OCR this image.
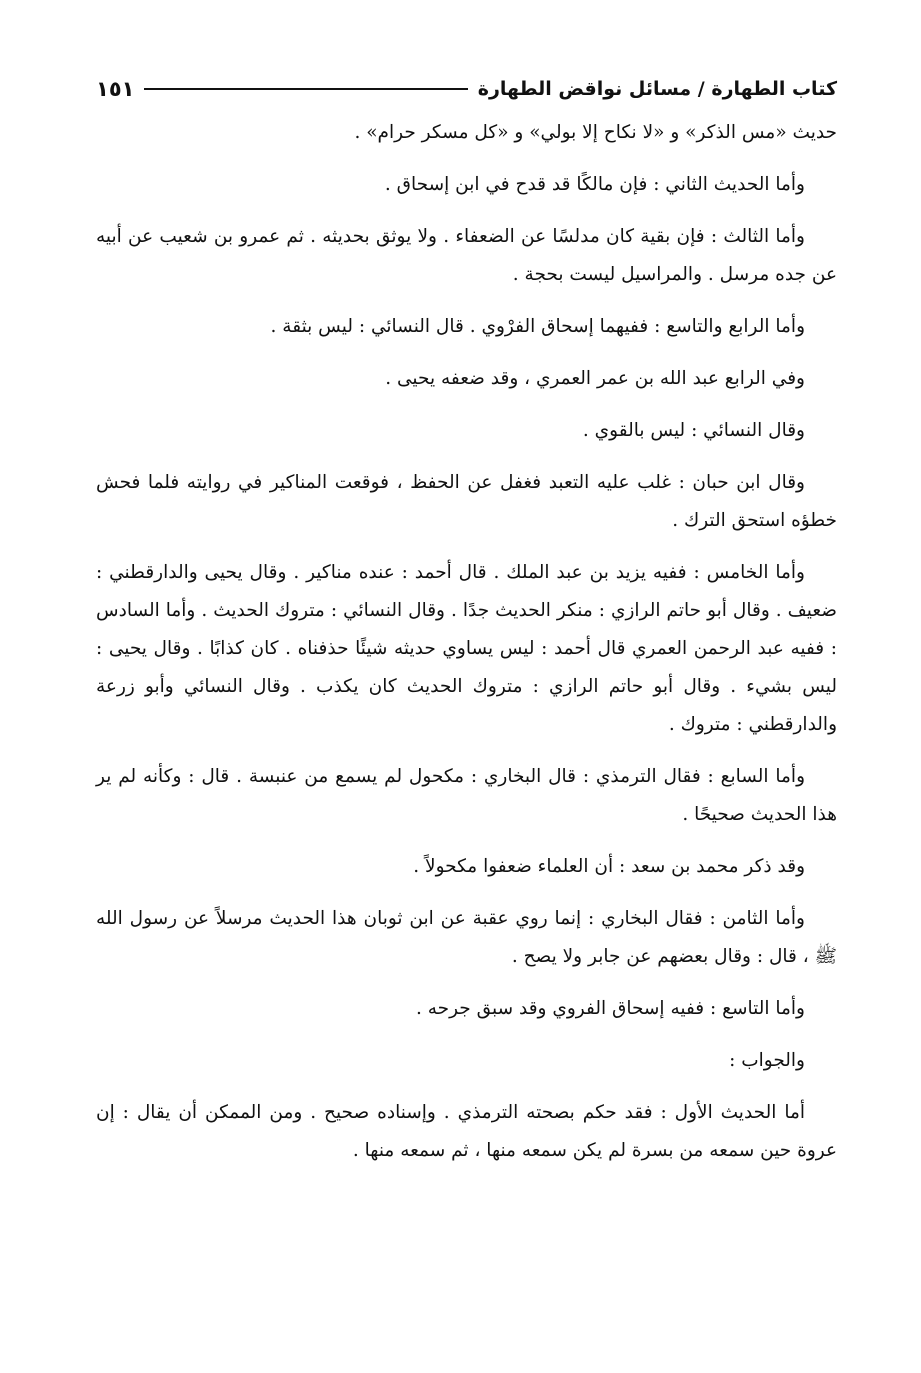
كتاب الطهارة / مسائل نواقض الطهارة
١٥١

حديث «مس الذكر» و «لا نكاح إلا بولي» و «كل مسكر حرام» .

وأما الحديث الثاني : فإن مالكًا قد قدح في ابن إسحاق .

وأما الثالث : فإن بقية كان مدلسًا عن الضعفاء . ولا يوثق بحديثه . ثم عمرو بن شعيب عن أبيه عن جده مرسل . والمراسيل ليست بحجة .

وأما الرابع والتاسع : ففيهما إسحاق الفرْوي . قال النسائي : ليس بثقة .

وفي الرابع عبد الله بن عمر العمري ، وقد ضعفه يحيى .

وقال النسائي : ليس بالقوي .

وقال ابن حبان : غلب عليه التعبد فغفل عن الحفظ ، فوقعت المناكير في روايته فلما فحش خطؤه استحق الترك .

وأما الخامس : ففيه يزيد بن عبد الملك . قال أحمد : عنده مناكير . وقال يحيى والدارقطني : ضعيف . وقال أبو حاتم الرازي : منكر الحديث جدًا . وقال النسائي : متروك الحديث . وأما السادس : ففيه عبد الرحمن العمري قال أحمد : ليس يساوي حديثه شيئًا حذفناه . كان كذابًا . وقال يحيى : ليس بشيء . وقال أبو حاتم الرازي : متروك الحديث كان يكذب . وقال النسائي وأبو زرعة والدارقطني : متروك .

وأما السابع : فقال الترمذي : قال البخاري : مكحول لم يسمع من عنبسة . قال : وكأنه لم ير هذا الحديث صحيحًا .

وقد ذكر محمد بن سعد : أن العلماء ضعفوا مكحولاً .

وأما الثامن : فقال البخاري : إنما روي عقبة عن ابن ثوبان هذا الحديث مرسلاً عن رسول الله ﷺ ، قال : وقال بعضهم عن جابر ولا يصح .

وأما التاسع : ففيه إسحاق الفروي وقد سبق جرحه .

والجواب :

أما الحديث الأول : فقد حكم بصحته الترمذي . وإسناده صحيح . ومن الممكن أن يقال : إن عروة حين سمعه من بسرة لم يكن سمعه منها ، ثم سمعه منها .
